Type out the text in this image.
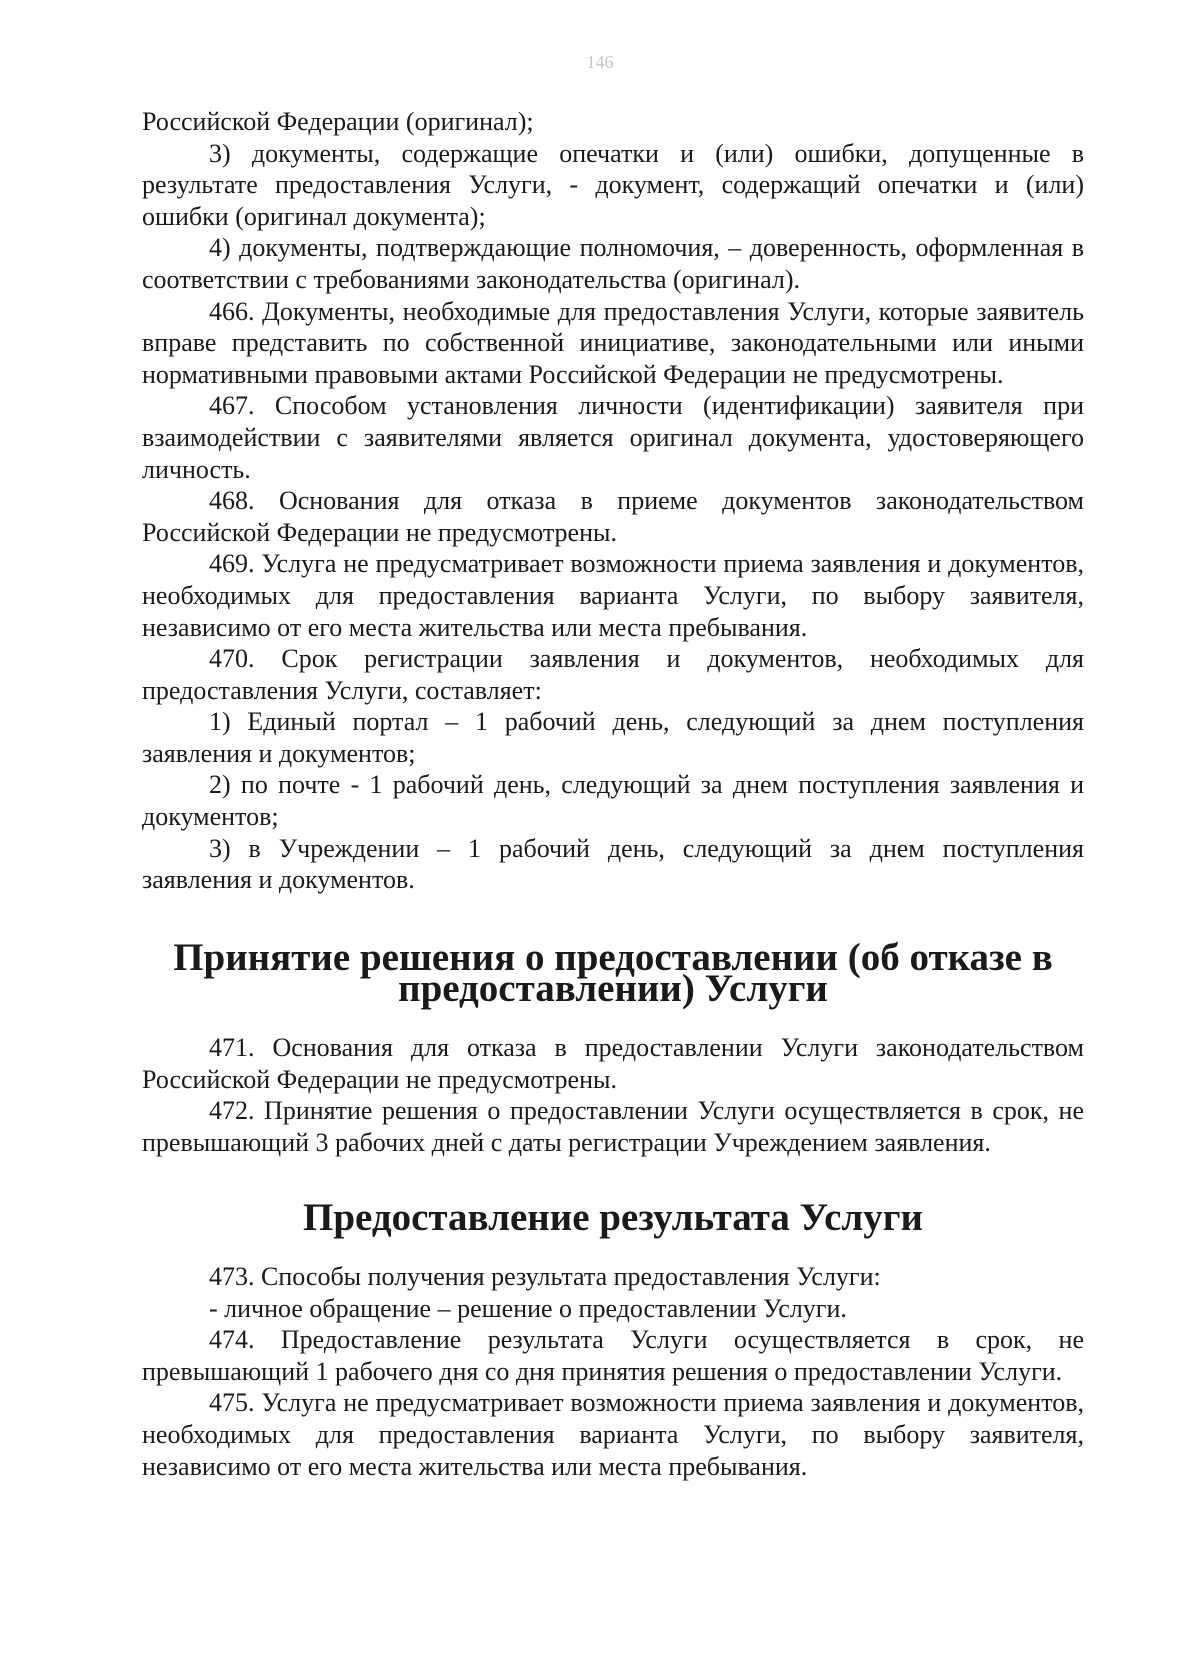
146

Российской Федерации (оригинал);

3) документы, содержащие опечатки и (или) ошибки, допущенные в результате предоставления Услуги, - документ, содержащий опечатки и (или) ошибки (оригинал документа);

4) документы, подтверждающие полномочия, – доверенность, оформленная в соответствии с требованиями законодательства (оригинал).

466. Документы, необходимые для предоставления Услуги, которые заявитель вправе представить по собственной инициативе, законодательными или иными нормативными правовыми актами Российской Федерации не предусмотрены.

467. Способом установления личности (идентификации) заявителя при взаимодействии с заявителями является оригинал документа, удостоверяющего личность.

468. Основания для отказа в приеме документов законодательством Российской Федерации не предусмотрены.

469. Услуга не предусматривает возможности приема заявления и документов, необходимых для предоставления варианта Услуги, по выбору заявителя, независимо от его места жительства или места пребывания.

470. Срок регистрации заявления и документов, необходимых для предоставления Услуги, составляет:

1) Единый портал – 1 рабочий день, следующий за днем поступления заявления и документов;

2) по почте - 1 рабочий день, следующий за днем поступления заявления и документов;

3) в Учреждении – 1 рабочий день, следующий за днем поступления заявления и документов.

Принятие решения о предоставлении (об отказе в предоставлении) Услуги

471. Основания для отказа в предоставлении Услуги законодательством Российской Федерации не предусмотрены.

472. Принятие решения о предоставлении Услуги осуществляется в срок, не превышающий 3 рабочих дней с даты регистрации Учреждением заявления.

Предоставление результата Услуги

473. Способы получения результата предоставления Услуги:

- личное обращение – решение о предоставлении Услуги.

474. Предоставление результата Услуги осуществляется в срок, не превышающий 1 рабочего дня со дня принятия решения о предоставлении Услуги.

475. Услуга не предусматривает возможности приема заявления и документов, необходимых для предоставления варианта Услуги, по выбору заявителя, независимо от его места жительства или места пребывания.
